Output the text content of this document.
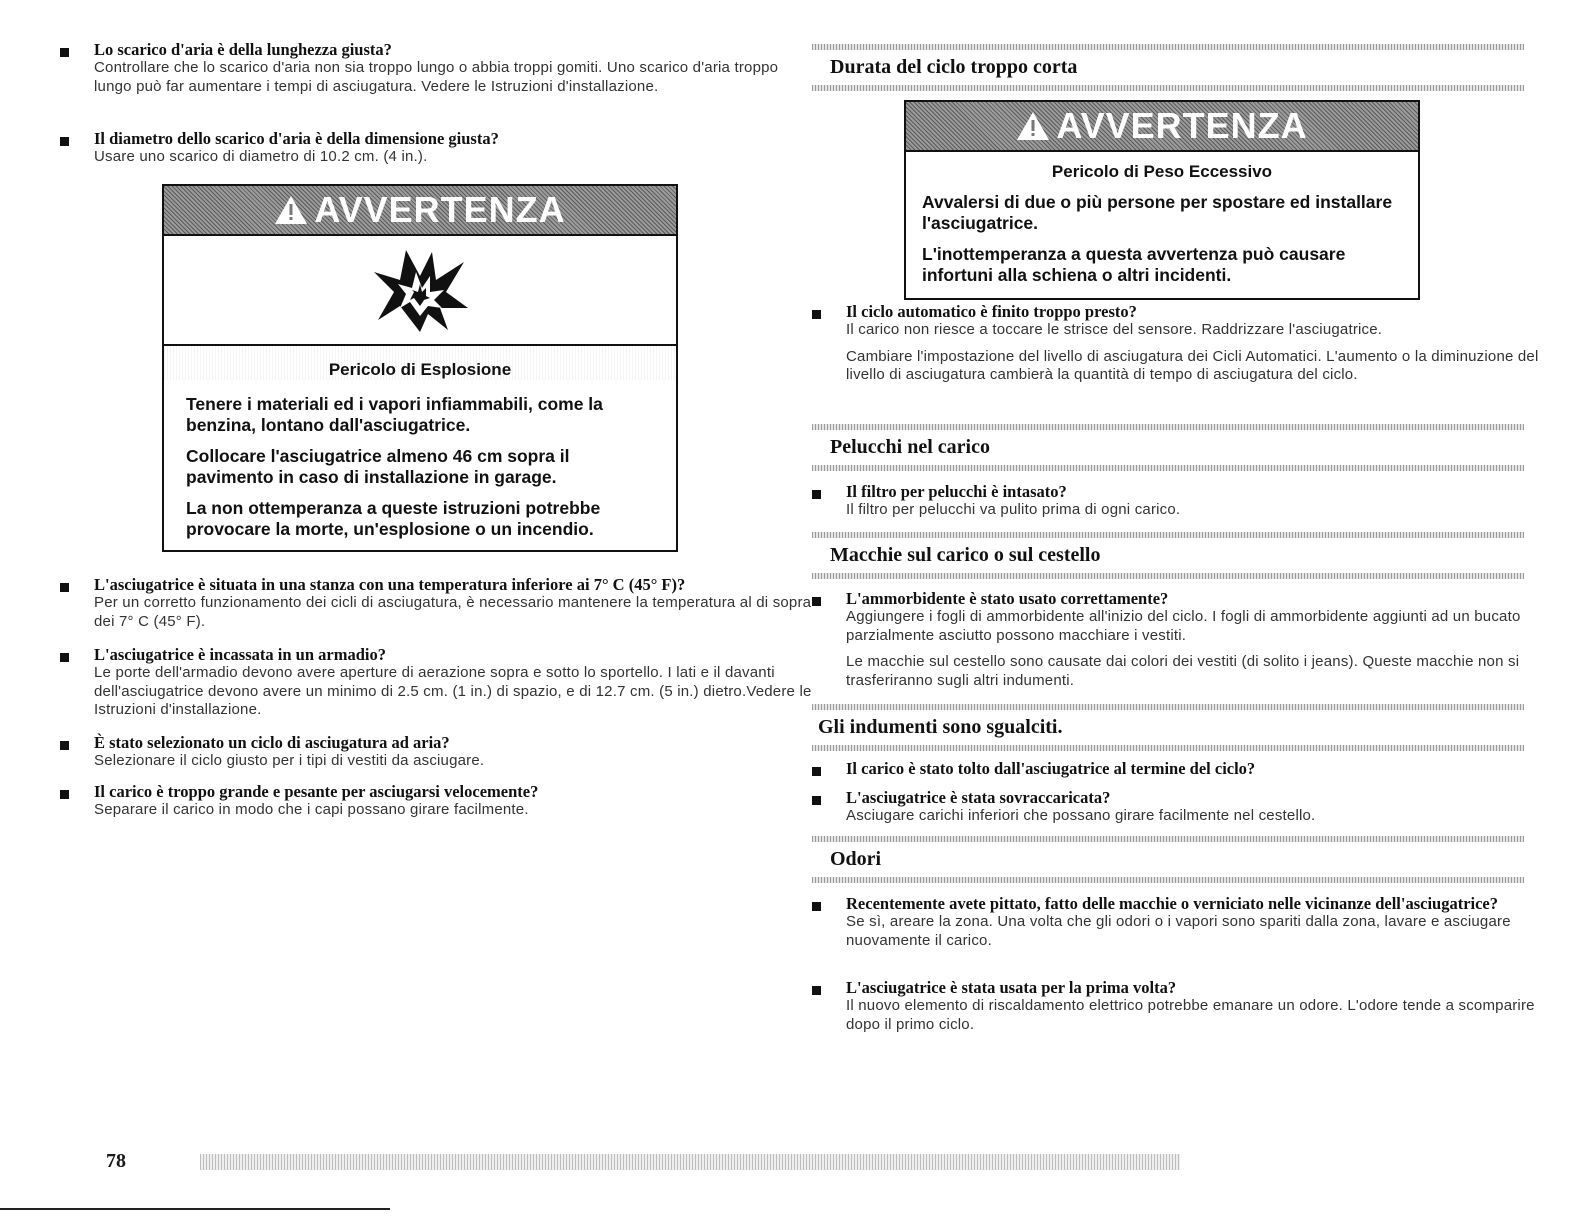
Lo scarico d'aria è della lunghezza giusta?
Controllare che lo scarico d'aria non sia troppo lungo o abbia troppi gomiti. Uno scarico d'aria troppo lungo può far aumentare i tempi di asciugatura. Vedere le Istruzioni d'installazione.
Il diametro dello scarico d'aria è della dimensione giusta?
Usare uno scarico di diametro di 10.2 cm. (4 in.).
AVVERTENZA
Pericolo di Esplosione
Tenere i materiali ed i vapori infiammabili, come la benzina, lontano dall'asciugatrice.
Collocare l'asciugatrice almeno 46 cm sopra il pavimento in caso di installazione in garage.
La non ottemperanza a queste istruzioni potrebbe provocare la morte, un'esplosione o un incendio.
L'asciugatrice è situata in una stanza con una temperatura inferiore ai 7° C (45° F)?
Per un corretto funzionamento dei cicli di asciugatura, è necessario mantenere la temperatura al di sopra dei 7° C (45° F).
L'asciugatrice è incassata in un armadio?
Le porte dell'armadio devono avere aperture di aerazione sopra e sotto lo sportello. I lati e il davanti dell'asciugatrice devono avere un minimo di 2.5 cm. (1 in.) di spazio, e di 12.7 cm. (5 in.) dietro.Vedere le Istruzioni d'installazione.
È stato selezionato un ciclo di asciugatura ad aria?
Selezionare il ciclo giusto per i tipi di vestiti da asciugare.
Il carico è troppo grande e pesante per asciugarsi velocemente?
Separare il carico in modo che i capi possano girare facilmente.
Durata del ciclo troppo corta
AVVERTENZA
Pericolo di Peso Eccessivo
Avvalersi di due o più persone per spostare ed installare l'asciugatrice.
L'inottemperanza a questa avvertenza può causare infortuni alla schiena o altri incidenti.
Il ciclo automatico è finito troppo presto?
Il carico non riesce a toccare le strisce del sensore. Raddrizzare l'asciugatrice.
Cambiare l'impostazione del livello di asciugatura dei Cicli Automatici. L'aumento o la diminuzione del livello di asciugatura cambierà la quantità di tempo di asciugatura del ciclo.
Pelucchi nel carico
Il filtro per pelucchi è intasato?
Il filtro per pelucchi va pulito prima di ogni carico.
Macchie sul carico o sul cestello
L'ammorbidente è stato usato correttamente?
Aggiungere i fogli di ammorbidente all'inizio del ciclo. I fogli di ammorbidente aggiunti ad un bucato parzialmente asciutto possono macchiare i vestiti.
Le macchie sul cestello sono causate dai colori dei vestiti (di solito i jeans). Queste macchie non si trasferiranno sugli altri indumenti.
Gli indumenti sono sgualciti.
Il carico è stato tolto dall'asciugatrice al termine del ciclo?
L'asciugatrice è stata sovraccaricata?
Asciugare carichi inferiori che possano girare facilmente nel cestello.
Odori
Recentemente avete pittato, fatto delle macchie o verniciato nelle vicinanze dell'asciugatrice?
Se sì, areare la zona. Una volta che gli odori o i vapori sono spariti dalla zona, lavare e asciugare nuovamente il carico.
L'asciugatrice è stata usata per la prima volta?
Il nuovo elemento di riscaldamento elettrico potrebbe emanare un odore. L'odore tende a scomparire dopo il primo ciclo.
78
